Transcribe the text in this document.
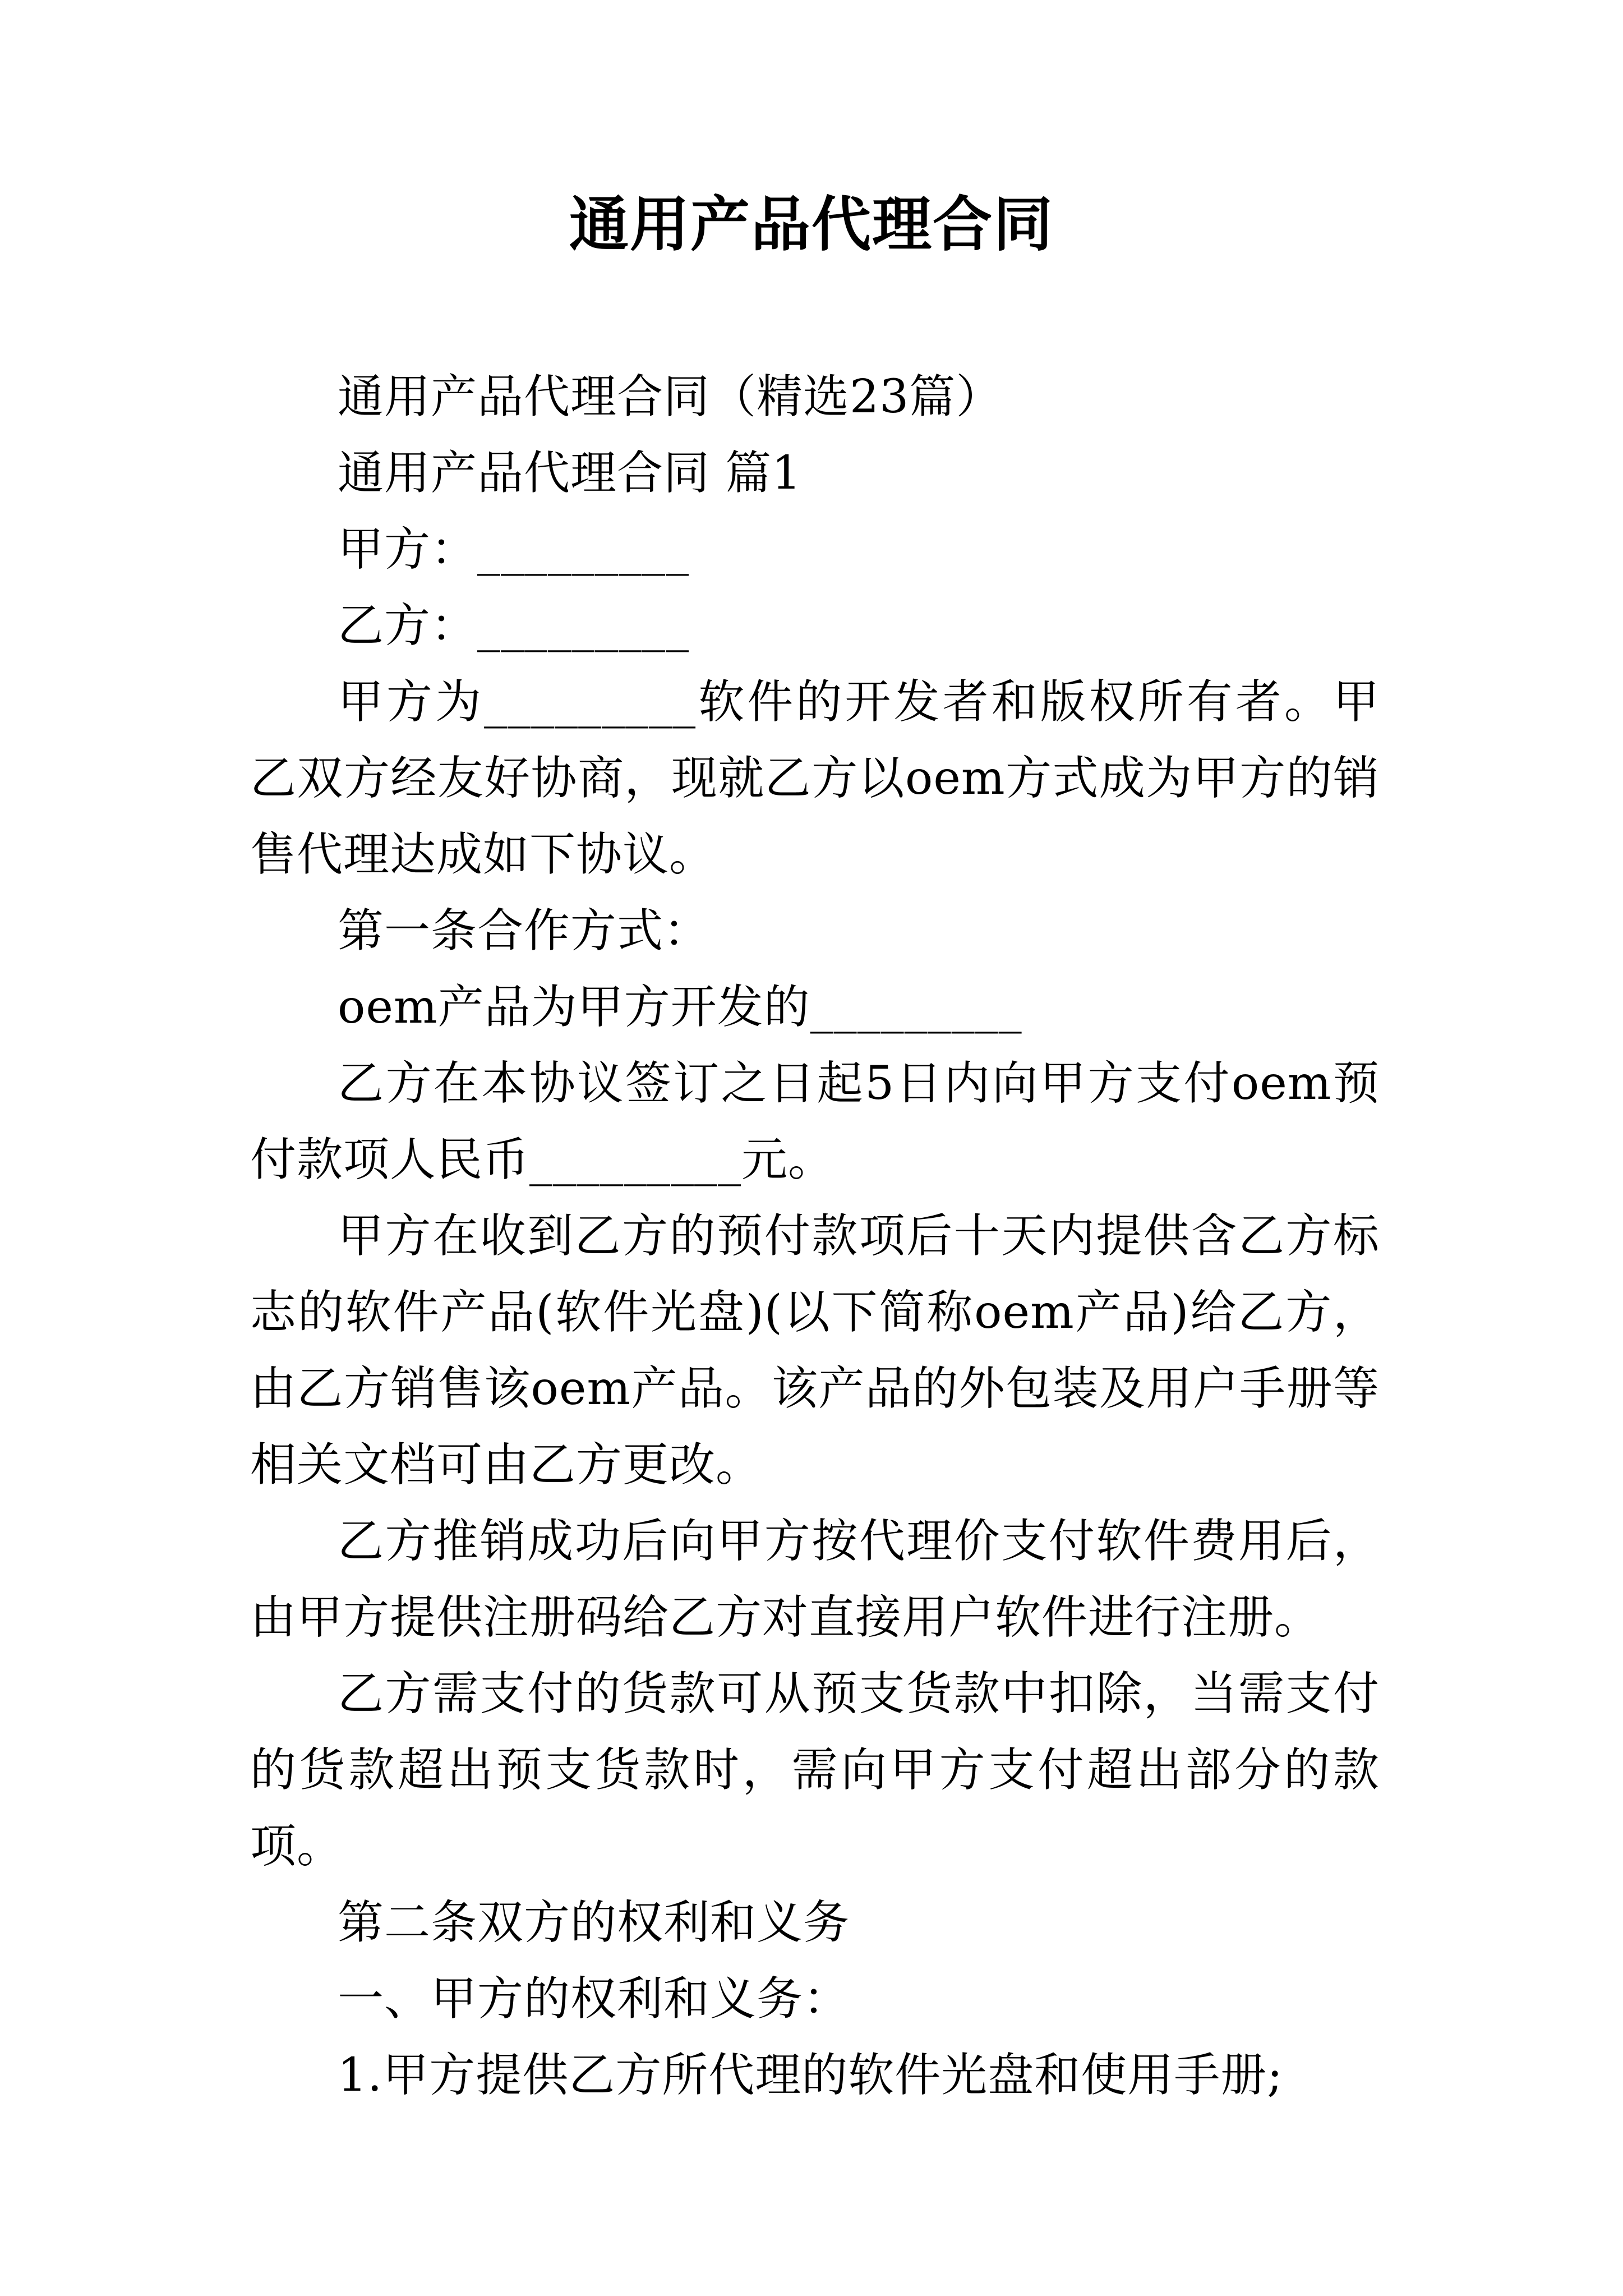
通用产品代理合同

通用产品代理合同（精选23篇）

通用产品代理合同 篇1

甲方：_________

乙方：_________

甲方为_________软件的开发者和版权所有者。甲乙双方经友好协商，现就乙方以oem方式成为甲方的销售代理达成如下协议。

第一条合作方式：

oem产品为甲方开发的_________

乙方在本协议签订之日起5日内向甲方支付oem预付款项人民币_________元。

甲方在收到乙方的预付款项后十天内提供含乙方标志的软件产品(软件光盘)(以下简称oem产品)给乙方，由乙方销售该oem产品。该产品的外包装及用户手册等相关文档可由乙方更改。

乙方推销成功后向甲方按代理价支付软件费用后，由甲方提供注册码给乙方对直接用户软件进行注册。

乙方需支付的货款可从预支货款中扣除，当需支付的货款超出预支货款时，需向甲方支付超出部分的款项。

第二条双方的权利和义务

一、甲方的权利和义务：

1.甲方提供乙方所代理的软件光盘和使用手册;
